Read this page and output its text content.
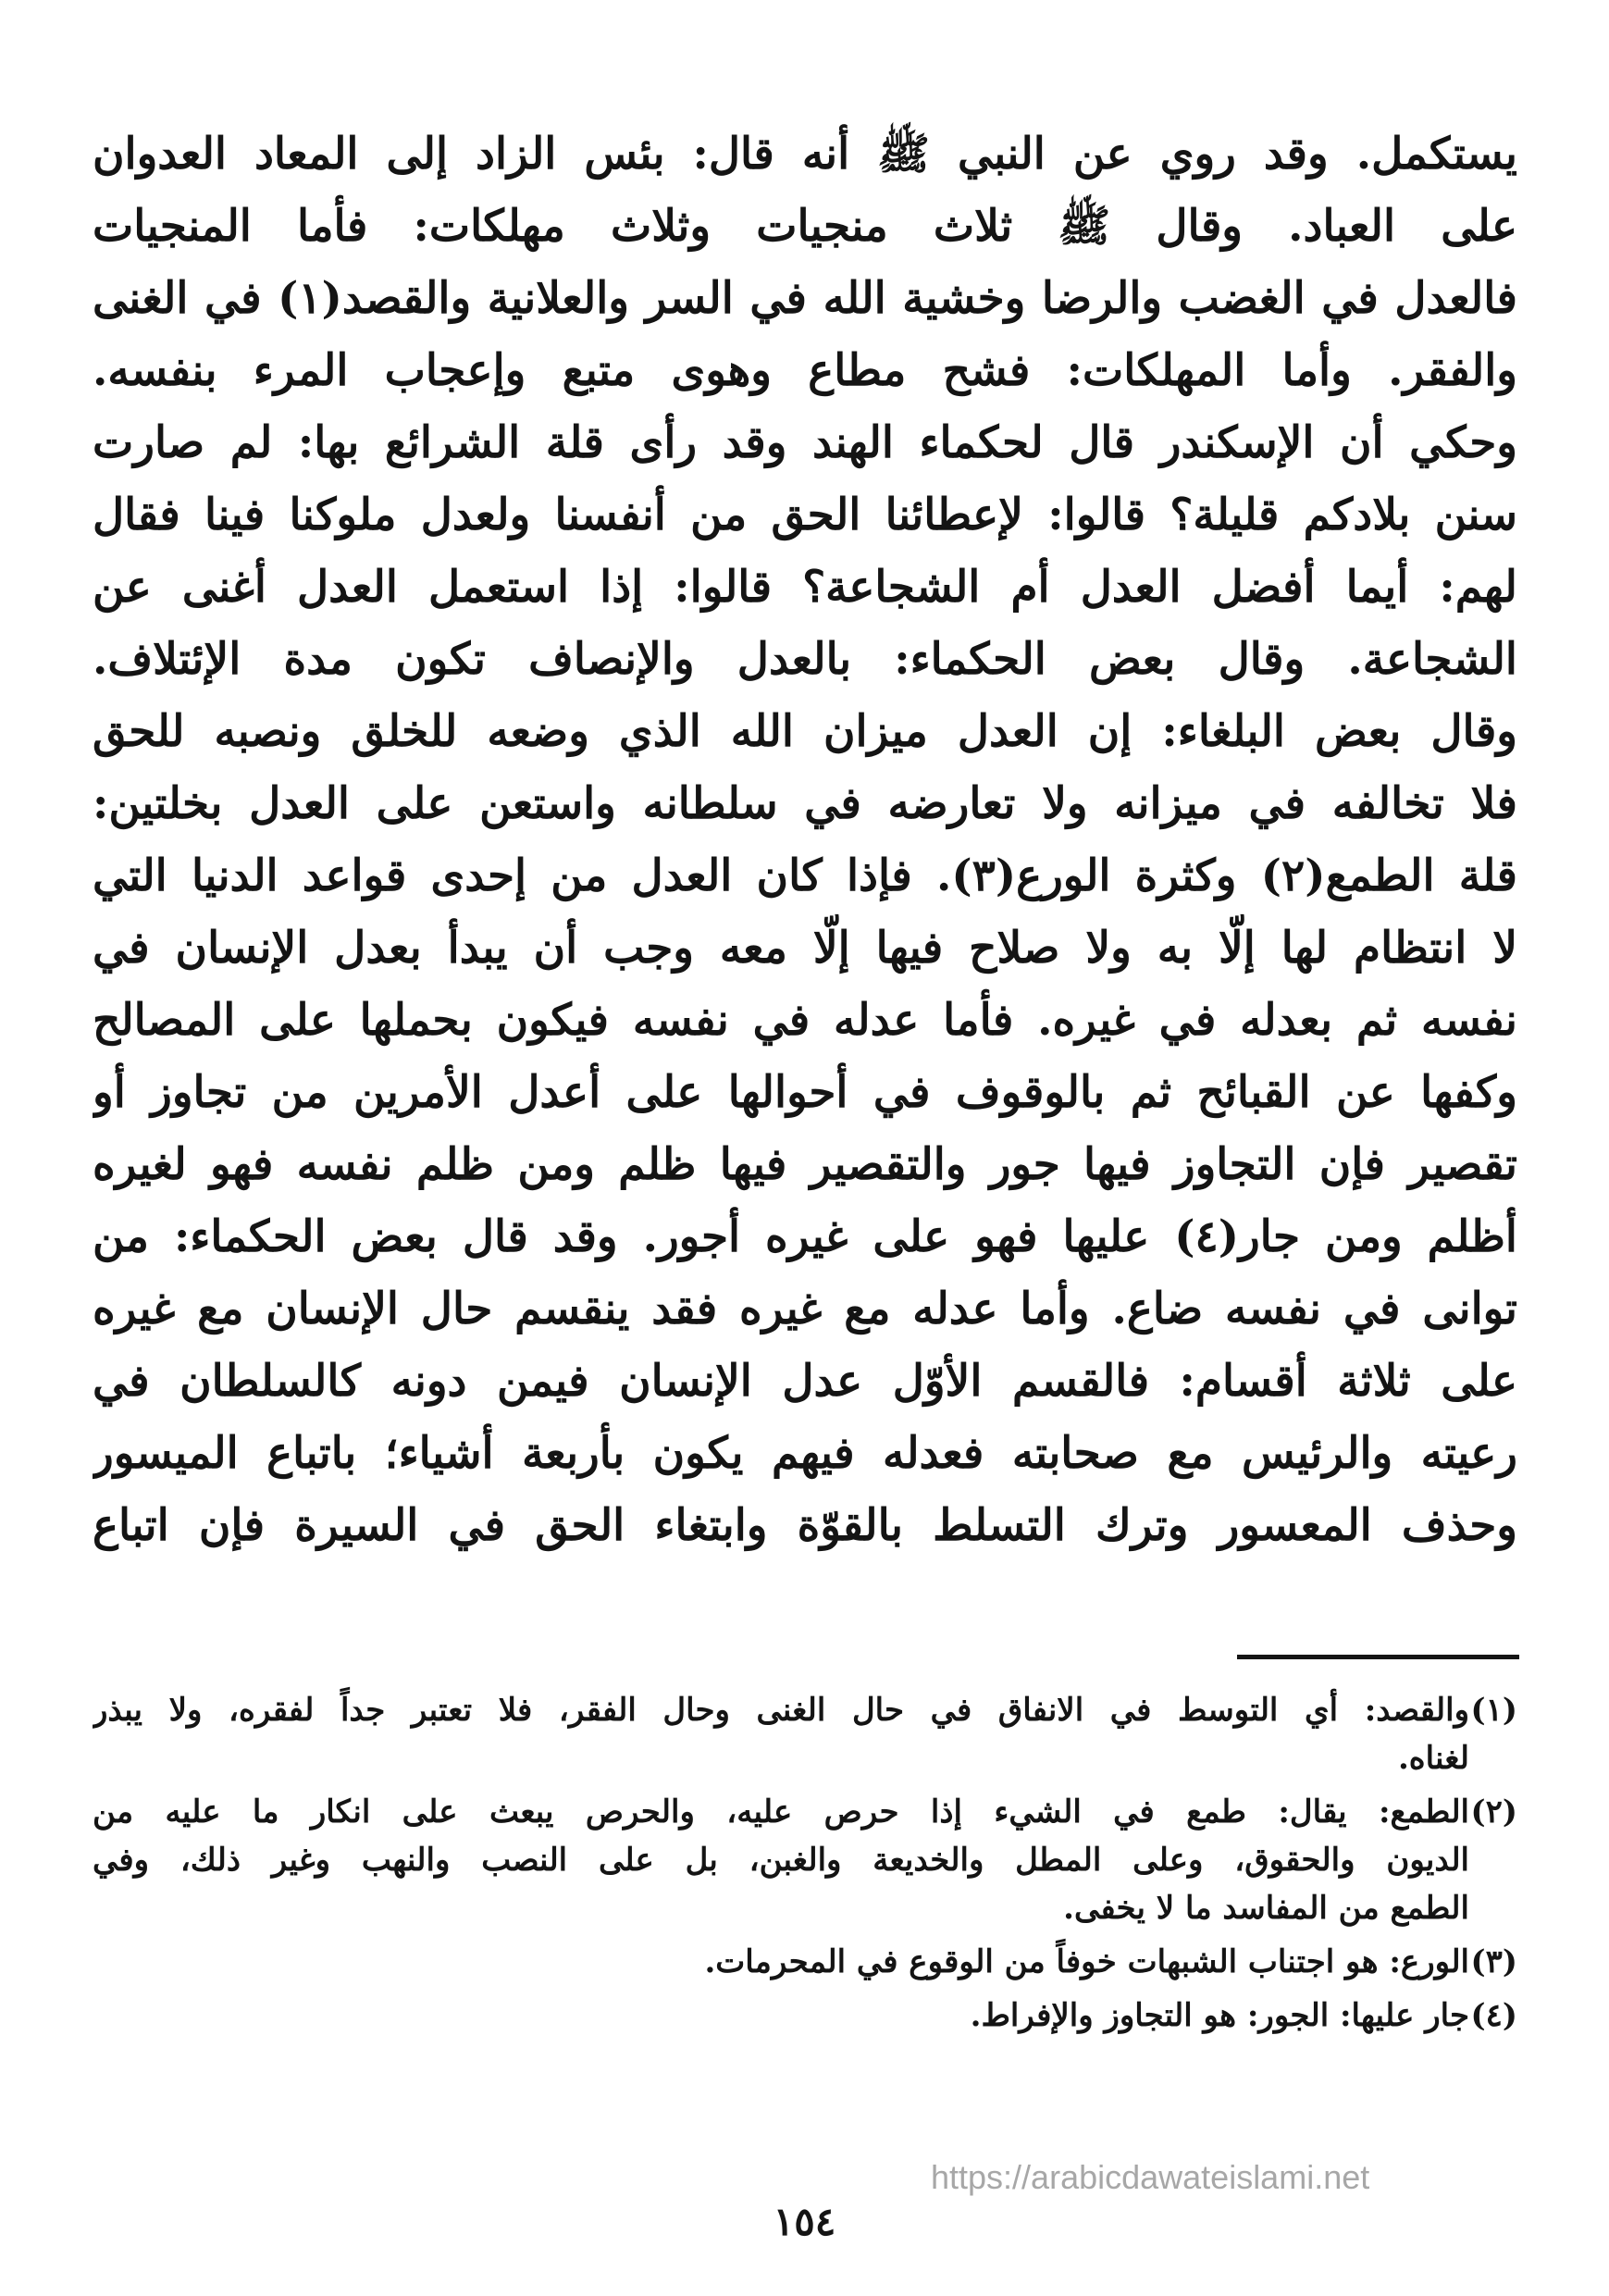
يستكمل. وقد روي عن النبي ﷺ أنه قال: بئس الزاد إلى المعاد العدوان
على العباد. وقال ﷺ ثلاث منجيات وثلاث مهلكات: فأما المنجيات
فالعدل في الغضب والرضا وخشية الله في السر والعلانية والقصد(١) في الغنى
والفقر. وأما المهلكات: فشح مطاع وهوى متبع وإعجاب المرء بنفسه.
وحكي أن الإسكندر قال لحكماء الهند وقد رأى قلة الشرائع بها: لم صارت
سنن بلادكم قليلة؟ قالوا: لإعطائنا الحق من أنفسنا ولعدل ملوكنا فينا فقال
لهم: أيما أفضل العدل أم الشجاعة؟ قالوا: إذا استعمل العدل أغنى عن
الشجاعة. وقال بعض الحكماء: بالعدل والإنصاف تكون مدة الإئتلاف.
وقال بعض البلغاء: إن العدل ميزان الله الذي وضعه للخلق ونصبه للحق
فلا تخالفه في ميزانه ولا تعارضه في سلطانه واستعن على العدل بخلتين:
قلة الطمع(٢) وكثرة الورع(٣). فإذا كان العدل من إحدى قواعد الدنيا التي
لا انتظام لها إلّا به ولا صلاح فيها إلّا معه وجب أن يبدأ بعدل الإنسان في
نفسه ثم بعدله في غيره. فأما عدله في نفسه فيكون بحملها على المصالح
وكفها عن القبائح ثم بالوقوف في أحوالها على أعدل الأمرين من تجاوز أو
تقصير فإن التجاوز فيها جور والتقصير فيها ظلم ومن ظلم نفسه فهو لغيره
أظلم ومن جار(٤) عليها فهو على غيره أجور. وقد قال بعض الحكماء: من
توانى في نفسه ضاع. وأما عدله مع غيره فقد ينقسم حال الإنسان مع غيره
على ثلاثة أقسام: فالقسم الأوّل عدل الإنسان فيمن دونه كالسلطان في
رعيته والرئيس مع صحابته فعدله فيهم يكون بأربعة أشياء؛ باتباع الميسور
وحذف المعسور وترك التسلط بالقوّة وابتغاء الحق في السيرة فإن اتباع
(١)
والقصد: أي التوسط في الانفاق في حال الغنى وحال الفقر، فلا تعتبر جداً لفقره، ولا يبذر
لغناه.
(٢)
الطمع: يقال: طمع في الشيء إذا حرص عليه، والحرص يبعث على انكار ما عليه من
الديون والحقوق، وعلى المطل والخديعة والغبن، بل على النصب والنهب وغير ذلك، وفي
الطمع من المفاسد ما لا يخفى.
(٣)
الورع: هو اجتناب الشبهات خوفاً من الوقوع في المحرمات.
(٤)
جار عليها: الجور: هو التجاوز والإفراط.
https://arabicdawateislami.net
١٥٤
